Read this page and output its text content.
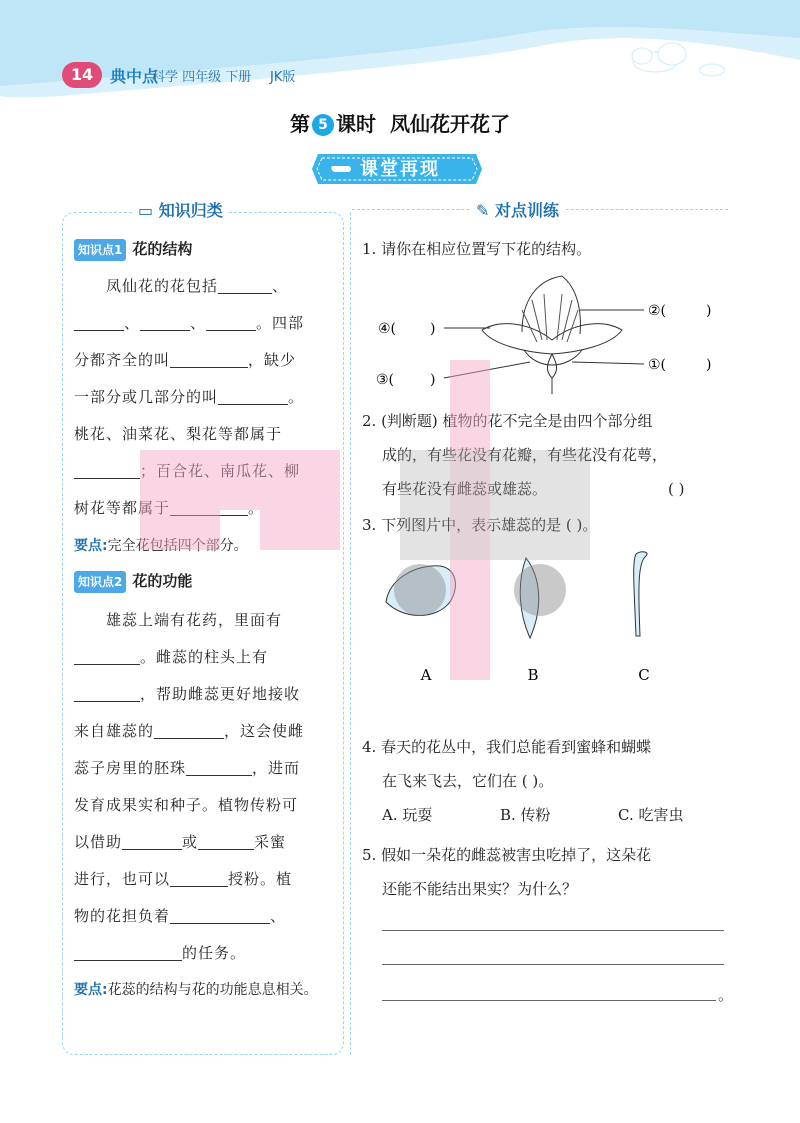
14	典中点
科学 四年级 下册 JK版
第 5 课时 凤仙花开花了
课堂再现
▭ 知识归类	✎ 对点训练
知识点1 花的结构
凤仙花的花包括	、
、	、	。四部
分都齐全的叫	，缺少
一部分或几部分的叫	。
桃花、油菜花、梨花等都属于
；百合花、南瓜花、柳
树花等都属于	。
要点:完全花包括四个部分。
知识点2 花的功能
雄蕊上端有花药，里面有
。雌蕊的柱头上有
，帮助雌蕊更好地接收
来自雄蕊的	，这会使雌
蕊子房里的胚珠	，进而
发育成果实和种子。植物传粉可
以借助	或	采蜜
进行，也可以	授粉。植
物的花担负着	、
的任务。
要点:花蕊的结构与花的功能息息相关。
1. 请你在相应位置写下花的结构。
②(	)
④( )
①(	)
③(	)
2. (判断题) 植物的花不完全是由四个部分组
成的，有些花没有花瓣，有些花没有花萼，
有些花没有雌蕊或雄蕊。	( )
3. 下列图片中，表示雄蕊的是 ( )。
A	B	C
4. 春天的花丛中，我们总能看到蜜蜂和蝴蝶
在飞来飞去，它们在 ( )。
A. 玩耍	B. 传粉	C. 吃害虫
5. 假如一朵花的雌蕊被害虫吃掉了，这朵花
还能不能结出果实？为什么？
。
